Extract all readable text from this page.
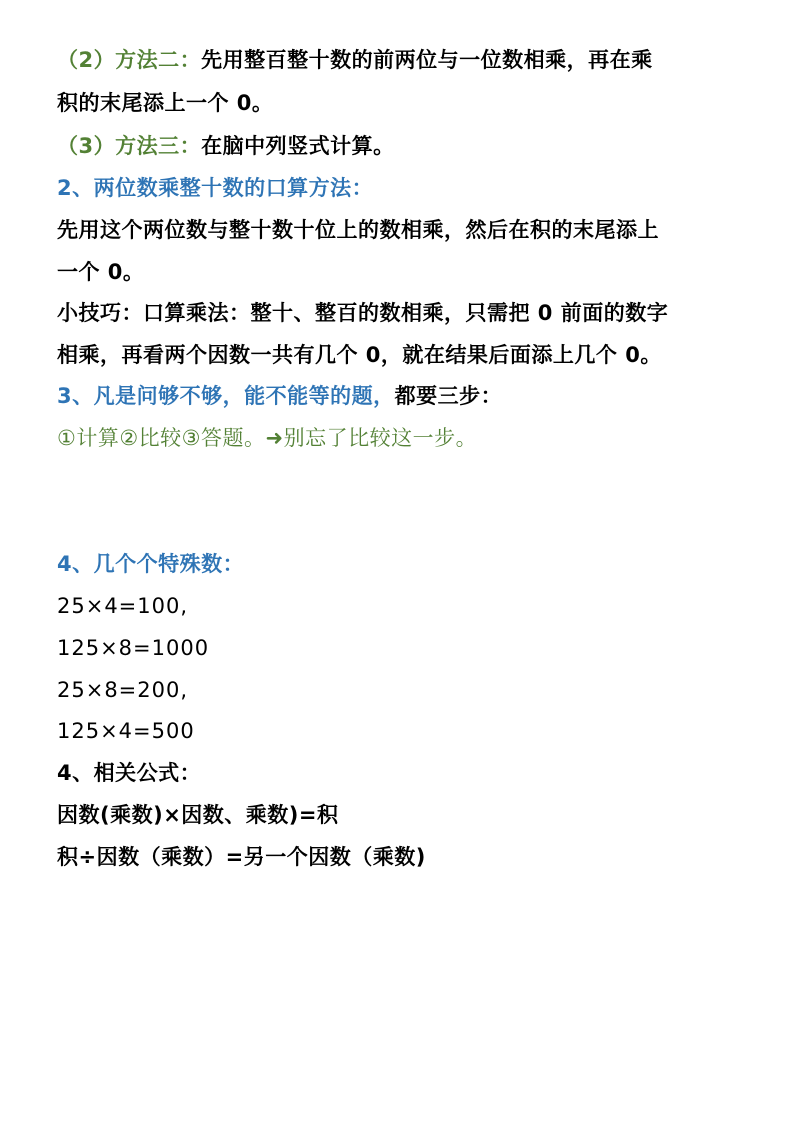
（2）方法二：先用整百整十数的前两位与一位数相乘，再在乘
积的末尾添上一个 0。
（3）方法三：在脑中列竖式计算。
2、两位数乘整十数的口算方法：
先用这个两位数与整十数十位上的数相乘，然后在积的末尾添上
一个 0。
小技巧：口算乘法：整十、整百的数相乘，只需把 0 前面的数字
相乘，再看两个因数一共有几个 0，就在结果后面添上几个 0。
3、凡是问够不够，能不能等的题，都要三步：
①计算②比较③答题。➜别忘了比较这一步。
4、几个个特殊数：
25×4=100,
125×8=1000
25×8=200,
125×4=500
4、相关公式：
因数(乘数)×因数、乘数)=积
积÷因数（乘数）=另一个因数（乘数)
